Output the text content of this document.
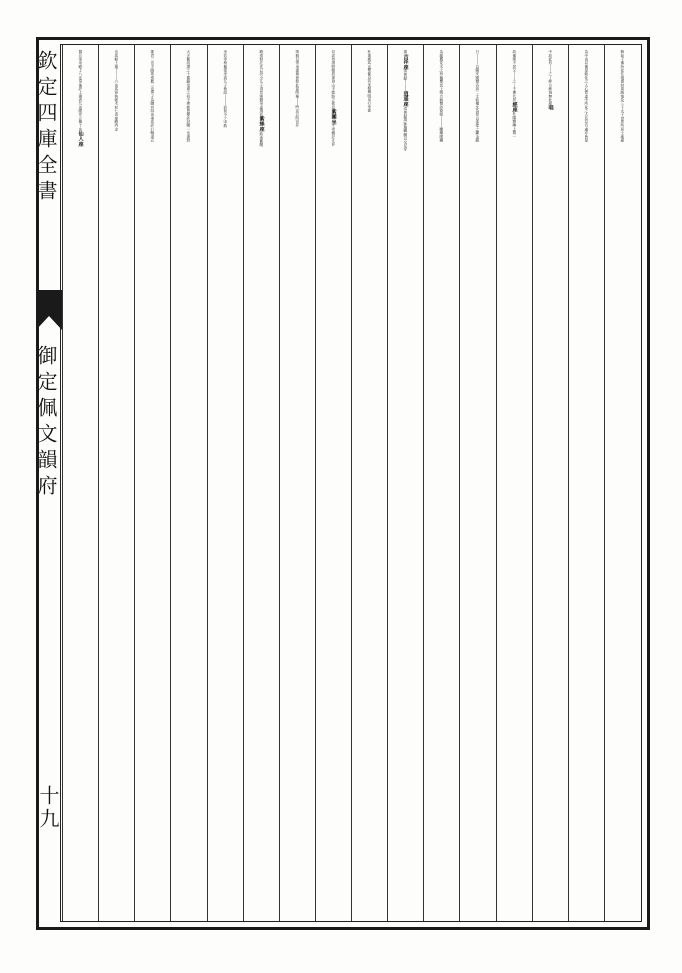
欽定四庫全書
御定佩文韻府
十九
賢刧千佛所化住境提封周統奄及三千大千世界所居土地最
為中也以佛是能化之人心實虛中所化之人及以方處亦皆是
中故此有丨〡之丨餘方餘域無此座
唱
故佛則不居又丨丨之丨千佛代居
經座
杜陽雜編上製二
曰丨丨丨以賜安國僧各高二丈斫檀沈為骨以漆塗之鏤金銀
為龍鳳花木之形徧覆其上姚合病僧詩倚壁丨丨丨闡鍾喫藥
齋
吉祥座
清異録丨丨丨
逍遥座
清異録胡牀施轉關以交足穿
杜重威馬也
便絛以容坐相傳明皇行幸從
臣或侍諮野頓扈駕登山不能跂立欲息
紫團坐
王堂雜記凡非
則無以寄身遂創意如此當時稱丨丨
時宣召院官升
殿奏對訖先已設小兀子得旨則側身虛揖而
紫絲座
曲洧舊聞
坐若宰相樞密坐高兀子執政丨丨丨而低
令之中散
大夫舊説謂之十樣錦受命之初不俟赦恩便許封贈一也妻封
郡君二也不隔郊奏薦三也奏子為職官四也乘馬許行馳道五
也馬鞍上施丨丨丨六也馬前執破木杖七也宴殿内金
器且坐朵殿上八也身後許上遺表九也國史立傳十也
仙人座
